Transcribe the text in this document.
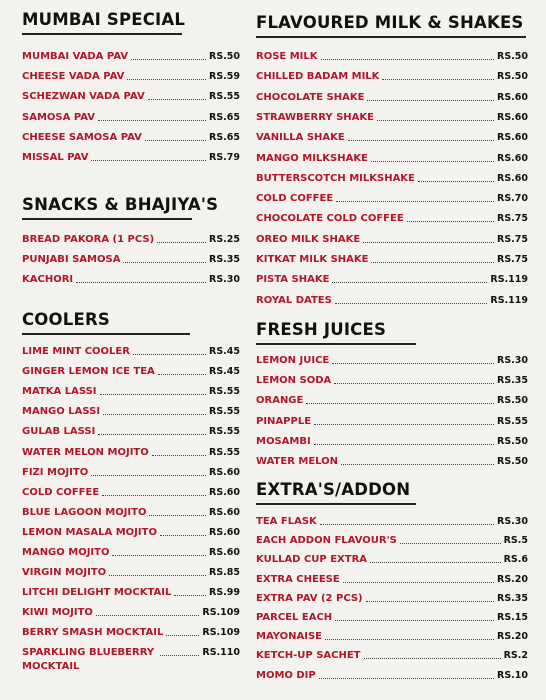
MUMBAI SPECIAL
MUMBAI VADA PAV	RS.50
CHEESE VADA PAV	RS.59
SCHEZWAN VADA PAV	RS.55
SAMOSA PAV	RS.65
CHEESE SAMOSA PAV	RS.65
MISSAL PAV	RS.79
SNACKS & BHAJIYA'S
BREAD PAKORA (1 PCS)	RS.25
PUNJABI SAMOSA	RS.35
KACHORI	RS.30
COOLERS
LIME MINT COOLER	RS.45
GINGER LEMON ICE TEA	RS.45
MATKA LASSI	RS.55
MANGO LASSI	RS.55
GULAB LASSI	RS.55
WATER MELON MOJITO	RS.55
FIZI MOJITO	RS.60
COLD COFFEE	RS.60
BLUE LAGOON MOJITO	RS.60
LEMON MASALA MOJITO	RS.60
MANGO MOJITO	RS.60
VIRGIN MOJITO	RS.85
LITCHI DELIGHT MOCKTAIL	RS.99
KIWI MOJITO	RS.109
BERRY SMASH MOCKTAIL	RS.109
SPARKLING BLUEBERRY MOCKTAIL
RS.110
FLAVOURED MILK & SHAKES
ROSE MILK	RS.50
CHILLED BADAM MILK	RS.50
CHOCOLATE SHAKE	RS.60
STRAWBERRY SHAKE	RS.60
VANILLA SHAKE	RS.60
MANGO MILKSHAKE	RS.60
BUTTERSCOTCH MILKSHAKE	RS.60
COLD COFFEE	RS.70
CHOCOLATE COLD COFFEE	RS.75
OREO MILK SHAKE	RS.75
KITKAT MILK SHAKE	RS.75
PISTA SHAKE	RS.119
ROYAL DATES	RS.119
FRESH JUICES
LEMON JUICE	RS.30
LEMON SODA	RS.35
ORANGE	RS.50
PINAPPLE	RS.55
MOSAMBI	RS.50
WATER MELON	RS.50
EXTRA'S/ADDON
TEA FLASK	RS.30
EACH ADDON FLAVOUR'S	RS.5
KULLAD CUP EXTRA	RS.6
EXTRA CHEESE	RS.20
EXTRA PAV (2 PCS)	RS.35
PARCEL EACH	RS.15
MAYONAISE	RS.20
KETCH-UP SACHET	RS.2
MOMO DIP	RS.10
